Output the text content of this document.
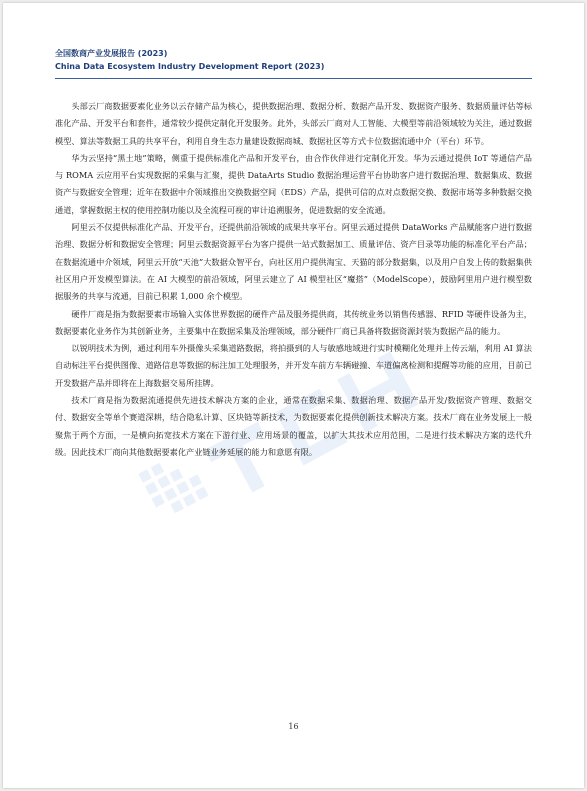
全国数商产业发展报告 (2023)
China Data Ecosystem Industry Development Report (2023)

头部云厂商数据要素化业务以云存储产品为核心，提供数据治理、数据分析、数据产品开发、数据资产服务、数据质量评估等标准化产品、开发平台和套件，通常较少提供定制化开发服务。此外，头部云厂商对人工智能、大模型等前沿领域较为关注，通过数据模型、算法等数据工具的共享平台，利用自身生态力量建设数据商城、数据社区等方式卡位数据流通中介（平台）环节。

华为云坚持“黑土地”策略，侧重于提供标准化产品和开发平台，由合作伙伴进行定制化开发。华为云通过提供 IoT 等通信产品与 ROMA 云应用平台实现数据的采集与汇聚，提供 DataArts Studio 数据治理运营平台协助客户进行数据治理、数据集成、数据资产与数据安全管理；近年在数据中介领域推出交换数据空间（EDS）产品，提供可信的点对点数据交换、数据市场等多种数据交换通道，掌握数据主权的使用控制功能以及全流程可视的审计追溯服务，促进数据的安全流通。

阿里云不仅提供标准化产品、开发平台，还提供前沿领域的成果共享平台。阿里云通过提供 DataWorks 产品赋能客户进行数据治理、数据分析和数据安全管理；阿里云数据资源平台为客户提供一站式数据加工、质量评估、资产目录等功能的标准化平台产品；在数据流通中介领域，阿里云开放“天池”大数据众智平台，向社区用户提供淘宝、天猫的部分数据集，以及用户自发上传的数据集供社区用户开发模型算法。在 AI 大模型的前沿领域，阿里云建立了 AI 模型社区“魔搭”（ModelScope），鼓励阿里用户进行模型数据服务的共享与流通，目前已积累 1,000 余个模型。

硬件厂商是指为数据要素市场输入实体世界数据的硬件产品及服务提供商，其传统业务以销售传感器、RFID 等硬件设备为主，数据要素化业务作为其创新业务，主要集中在数据采集及治理领域，部分硬件厂商已具备将数据资源封装为数据产品的能力。

以锐明技术为例，通过利用车外摄像头采集道路数据，将拍摄到的人与敏感地域进行实时模糊化处理并上传云端，利用 AI 算法自动标注平台提供图像、道路信息等数据的标注加工处理服务，并开发车前方车辆碰撞、车道偏离检测和提醒等功能的应用，目前已开发数据产品并即将在上海数据交易所挂牌。

技术厂商是指为数据流通提供先进技术解决方案的企业，通常在数据采集、数据治理、数据产品开发/数据资产管理、数据交付、数据安全等单个赛道深耕，结合隐私计算、区块链等新技术，为数据要素化提供创新技术解决方案。技术厂商在业务发展上一般聚焦于两个方面，一是横向拓宽技术方案在下游行业、应用场景的覆盖，以扩大其技术应用范围，二是进行技术解决方案的迭代升级。因此技术厂商向其他数据要素化产业链业务延展的能力和意愿有限。

16
